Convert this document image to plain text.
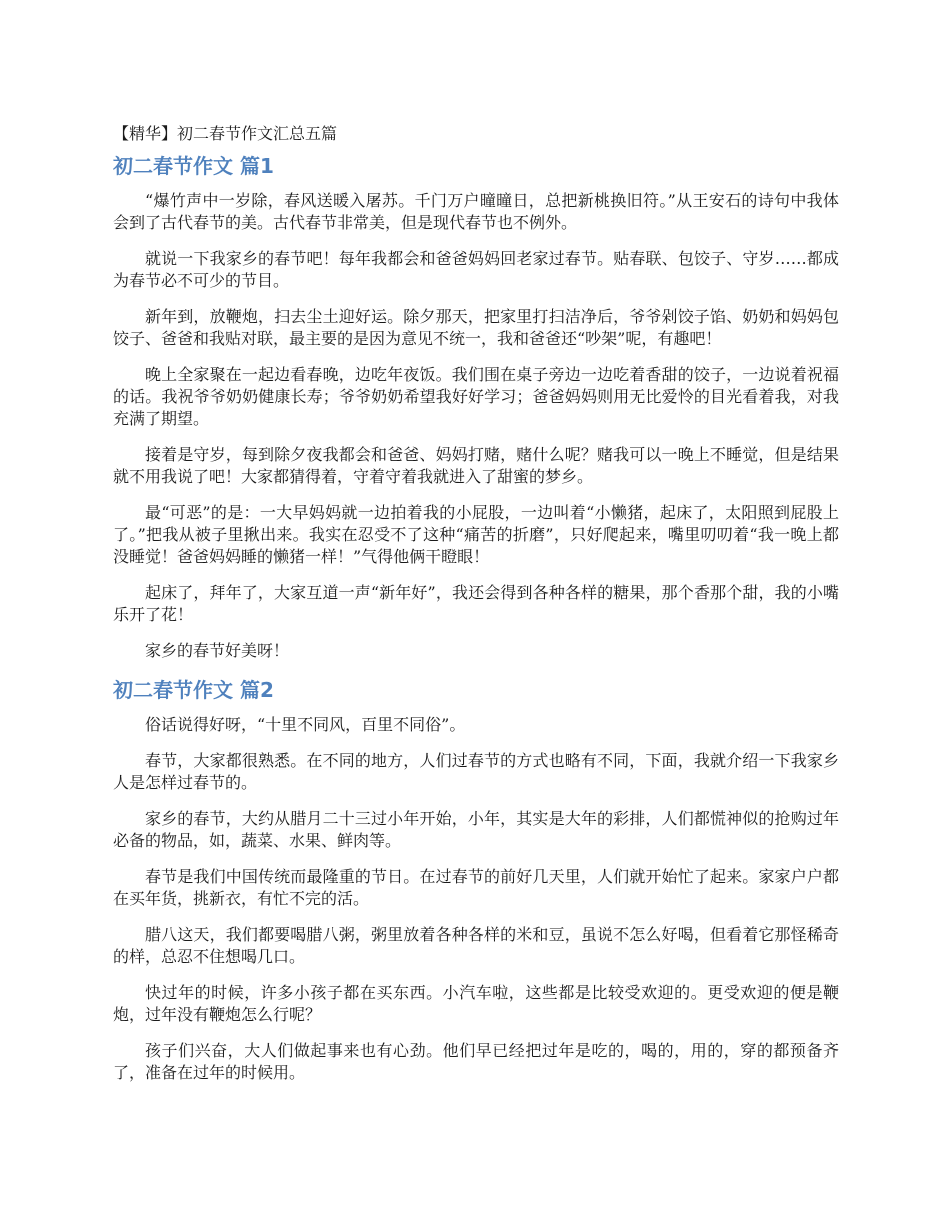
【精华】初二春节作文汇总五篇
初二春节作文 篇1

“爆竹声中一岁除，春风送暖入屠苏。千门万户曈曈日，总把新桃换旧符。”从王安石的诗句中我体会到了古代春节的美。古代春节非常美，但是现代春节也不例外。

就说一下我家乡的春节吧！每年我都会和爸爸妈妈回老家过春节。贴春联、包饺子、守岁……都成为春节必不可少的节目。

新年到，放鞭炮，扫去尘土迎好运。除夕那天，把家里打扫洁净后，爷爷剁饺子馅、奶奶和妈妈包饺子、爸爸和我贴对联，最主要的是因为意见不统一，我和爸爸还“吵架”呢，有趣吧！

晚上全家聚在一起边看春晚，边吃年夜饭。我们围在桌子旁边一边吃着香甜的饺子，一边说着祝福的话。我祝爷爷奶奶健康长寿；爷爷奶奶希望我好好学习；爸爸妈妈则用无比爱怜的目光看着我，对我充满了期望。

接着是守岁，每到除夕夜我都会和爸爸、妈妈打赌，赌什么呢？赌我可以一晚上不睡觉，但是结果就不用我说了吧！大家都猜得着，守着守着我就进入了甜蜜的梦乡。

最“可恶”的是：一大早妈妈就一边拍着我的小屁股，一边叫着“小懒猪，起床了，太阳照到屁股上了。”把我从被子里揪出来。我实在忍受不了这种“痛苦的折磨”，只好爬起来，嘴里叨叨着“我一晚上都没睡觉！爸爸妈妈睡的懒猪一样！”气得他俩干瞪眼！

起床了，拜年了，大家互道一声“新年好”，我还会得到各种各样的糖果，那个香那个甜，我的小嘴乐开了花！

家乡的春节好美呀！

初二春节作文 篇2

俗话说得好呀，“十里不同风，百里不同俗”。

春节，大家都很熟悉。在不同的地方，人们过春节的方式也略有不同，下面，我就介绍一下我家乡人是怎样过春节的。

家乡的春节，大约从腊月二十三过小年开始，小年，其实是大年的彩排，人们都慌神似的抢购过年必备的物品，如，蔬菜、水果、鲜肉等。

春节是我们中国传统而最隆重的节日。在过春节的前好几天里，人们就开始忙了起来。家家户户都在买年货，挑新衣，有忙不完的活。

腊八这天，我们都要喝腊八粥，粥里放着各种各样的米和豆，虽说不怎么好喝，但看着它那怪稀奇的样，总忍不住想喝几口。

快过年的时候，许多小孩子都在买东西。小汽车啦，这些都是比较受欢迎的。更受欢迎的便是鞭炮，过年没有鞭炮怎么行呢？

孩子们兴奋，大人们做起事来也有心劲。他们早已经把过年是吃的，喝的，用的，穿的都预备齐了，准备在过年的时候用。
